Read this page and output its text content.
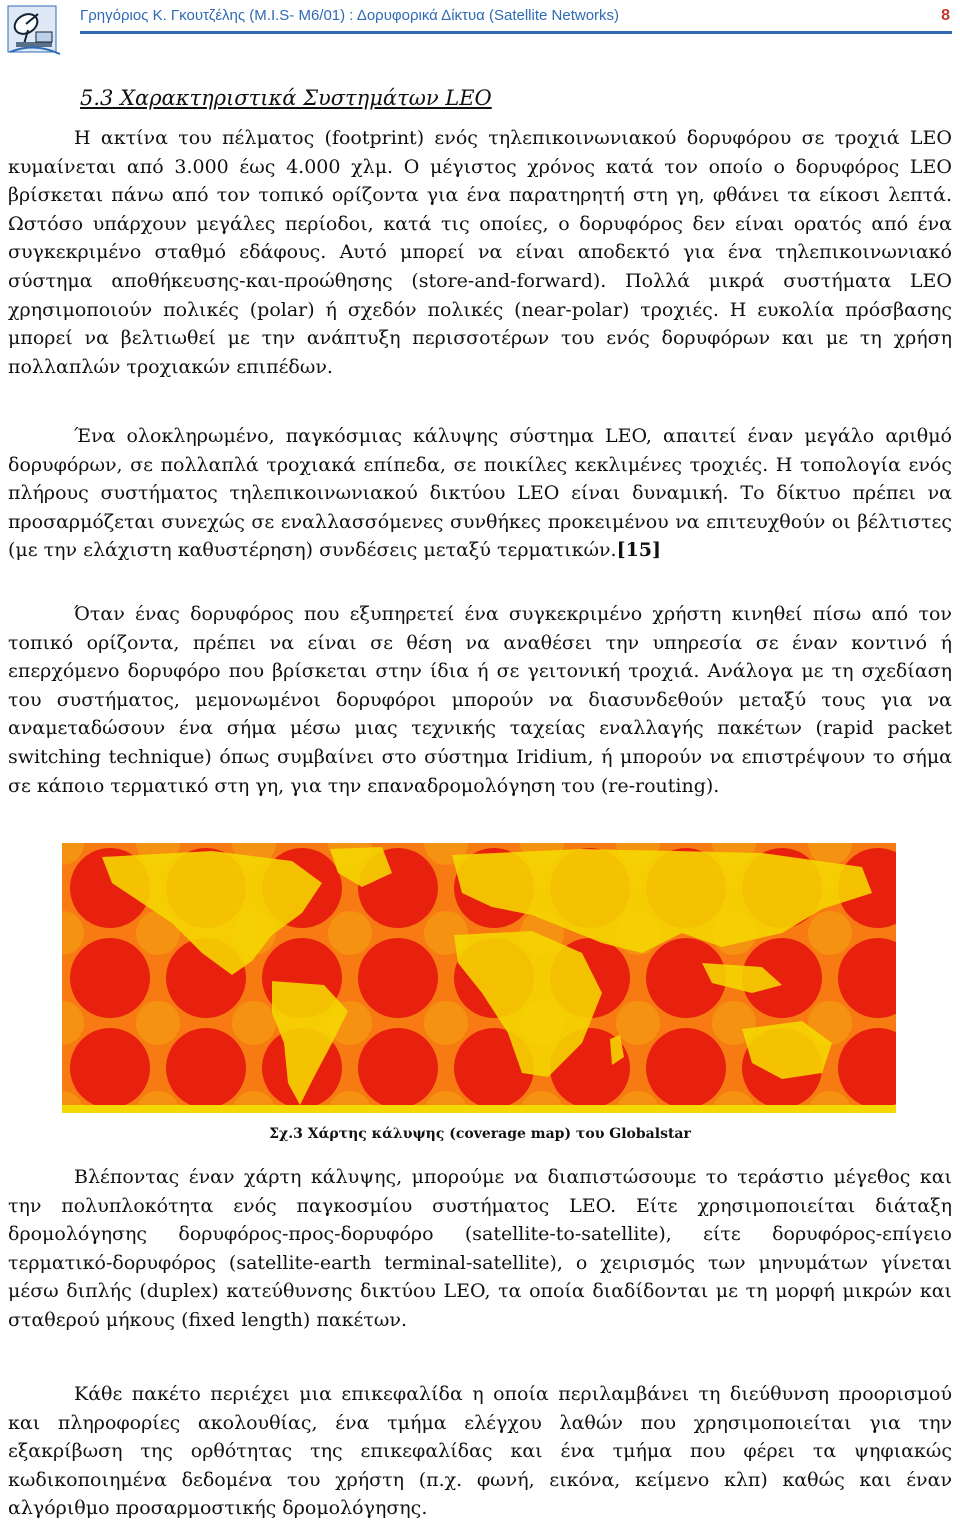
Γρηγόριος Κ. Γκουτζέλης (Μ.Ι.S- Μ6/01) : Δορυφορικά Δίκτυα (Satellite Networks)	8
5.3 Χαρακτηριστικά Συστημάτων LEO

Η ακτίνα του πέλματος (footprint) ενός τηλεπικοινωνιακού δορυφόρου σε τροχιά LEO κυμαίνεται από 3.000 έως 4.000 χλμ. Ο μέγιστος χρόνος κατά τον οποίο ο δορυφόρος LEO βρίσκεται πάνω από τον τοπικό ορίζοντα για ένα παρατηρητή στη γη, φθάνει τα είκοσι λεπτά. Ωστόσο υπάρχουν μεγάλες περίοδοι, κατά τις οποίες, ο δορυφόρος δεν είναι ορατός από ένα συγκεκριμένο σταθμό εδάφους. Αυτό μπορεί να είναι αποδεκτό για ένα τηλεπικοινωνιακό σύστημα αποθήκευσης-και-προώθησης (store-and-forward). Πολλά μικρά συστήματα LEO χρησιμοποιούν πολικές (polar) ή σχεδόν πολικές (near-polar) τροχιές. Η ευκολία πρόσβασης μπορεί να βελτιωθεί με την ανάπτυξη περισσοτέρων του ενός δορυφόρων και με τη χρήση πολλαπλών τροχιακών επιπέδων.

Ένα ολοκληρωμένο, παγκόσμιας κάλυψης σύστημα LEO, απαιτεί έναν μεγάλο αριθμό δορυφόρων, σε πολλαπλά τροχιακά επίπεδα, σε ποικίλες κεκλιμένες τροχιές. Η τοπολογία ενός πλήρους συστήματος τηλεπικοινωνιακού δικτύου LEO είναι δυναμική. Το δίκτυο πρέπει να προσαρμόζεται συνεχώς σε εναλλασσόμενες συνθήκες προκειμένου να επιτευχθούν οι βέλτιστες (με την ελάχιστη καθυστέρηση) συνδέσεις μεταξύ τερματικών.[15]

Όταν ένας δορυφόρος που εξυπηρετεί ένα συγκεκριμένο χρήστη κινηθεί πίσω από τον τοπικό ορίζοντα, πρέπει να είναι σε θέση να αναθέσει την υπηρεσία σε έναν κοντινό ή επερχόμενο δορυφόρο που βρίσκεται στην ίδια ή σε γειτονική τροχιά. Ανάλογα με τη σχεδίαση του συστήματος, μεμονωμένοι δορυφόροι μπορούν να διασυνδεθούν μεταξύ τους για να αναμεταδώσουν ένα σήμα μέσω μιας τεχνικής ταχείας εναλλαγής πακέτων (rapid packet switching technique) όπως συμβαίνει στο σύστημα Iridium, ή μπορούν να επιστρέψουν το σήμα σε κάποιο τερματικό στη γη, για την επαναδρομολόγηση του (re-routing).

Σχ.3 Χάρτης κάλυψης (coverage map) του Globalstar

Βλέποντας έναν χάρτη κάλυψης, μπορούμε να διαπιστώσουμε το τεράστιο μέγεθος και την πολυπλοκότητα ενός παγκοσμίου συστήματος LEO. Είτε χρησιμοποιείται διάταξη δρομολόγησης δορυφόρος-προς-δορυφόρο (satellite-to-satellite), είτε δορυφόρος-επίγειο τερματικό-δορυφόρος (satellite-earth terminal-satellite), ο χειρισμός των μηνυμάτων γίνεται μέσω διπλής (duplex) κατεύθυνσης δικτύου LEO, τα οποία διαδίδονται με τη μορφή μικρών και σταθερού μήκους (fixed length) πακέτων.

Κάθε πακέτο περιέχει μια επικεφαλίδα η οποία περιλαμβάνει τη διεύθυνση προορισμού και πληροφορίες ακολουθίας, ένα τμήμα ελέγχου λαθών που χρησιμοποιείται για την εξακρίβωση της ορθότητας της επικεφαλίδας και ένα τμήμα που φέρει τα ψηφιακώς κωδικοποιημένα δεδομένα του χρήστη (π.χ. φωνή, εικόνα, κείμενο κλπ) καθώς και έναν αλγόριθμο προσαρμοστικής δρομολόγησης.
